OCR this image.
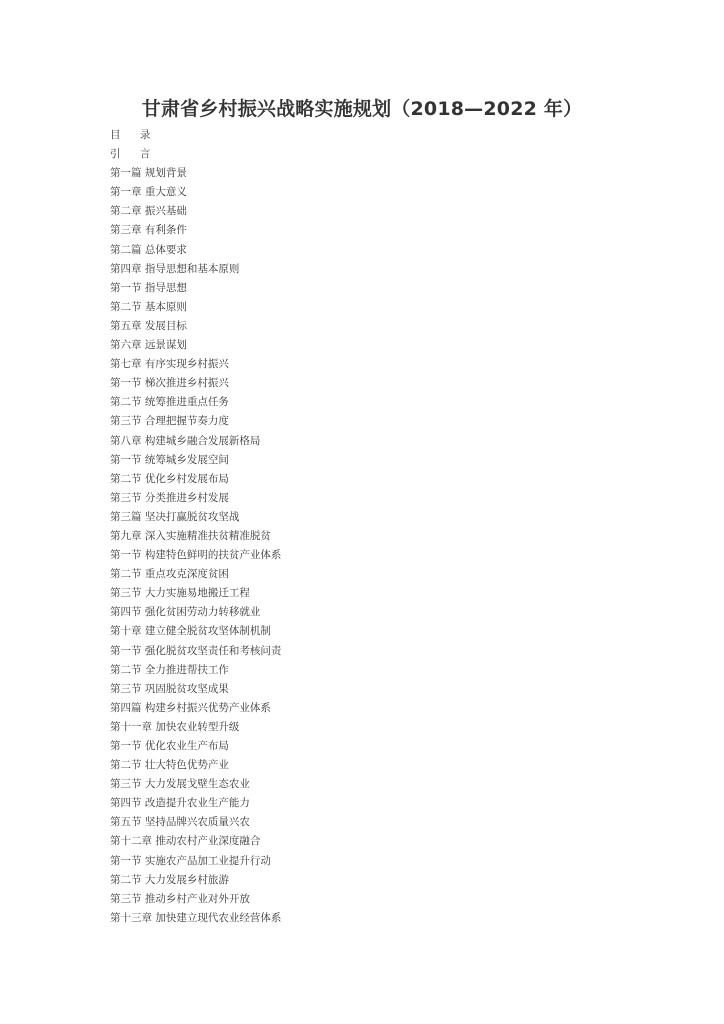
甘肃省乡村振兴战略实施规划（2018—2022 年）
目 录
引 言
第一篇 规划背景
第一章 重大意义
第二章 振兴基础
第三章 有利条件
第二篇 总体要求
第四章 指导思想和基本原则
第一节 指导思想
第二节 基本原则
第五章 发展目标
第六章 远景谋划
第七章 有序实现乡村振兴
第一节 梯次推进乡村振兴
第二节 统筹推进重点任务
第三节 合理把握节奏力度
第八章 构建城乡融合发展新格局
第一节 统筹城乡发展空间
第二节 优化乡村发展布局
第三节 分类推进乡村发展
第三篇 坚决打赢脱贫攻坚战
第九章 深入实施精准扶贫精准脱贫
第一节 构建特色鲜明的扶贫产业体系
第二节 重点攻克深度贫困
第三节 大力实施易地搬迁工程
第四节 强化贫困劳动力转移就业
第十章 建立健全脱贫攻坚体制机制
第一节 强化脱贫攻坚责任和考核问责
第二节 全力推进帮扶工作
第三节 巩固脱贫攻坚成果
第四篇 构建乡村振兴优势产业体系
第十一章 加快农业转型升级
第一节 优化农业生产布局
第二节 壮大特色优势产业
第三节 大力发展戈壁生态农业
第四节 改造提升农业生产能力
第五节 坚持品牌兴农质量兴农
第十二章 推动农村产业深度融合
第一节 实施农产品加工业提升行动
第二节 大力发展乡村旅游
第三节 推动乡村产业对外开放
第十三章 加快建立现代农业经营体系
